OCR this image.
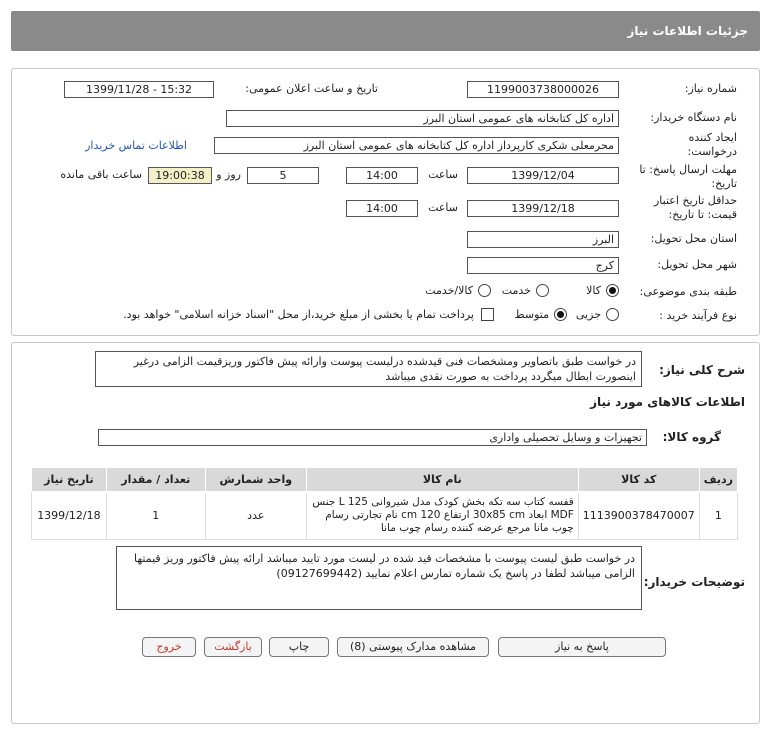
جزئیات اطلاعات نیاز
شماره نیاز:
1199003738000026
تاریخ و ساعت اعلان عمومی:
1399/11/28 - 15:32
نام دستگاه خریدار:
اداره کل کتابخانه های عمومی استان البرز
ایجاد کننده درخواست:
محرمعلی شکری کارپرداز اداره کل کتابخانه های عمومی استان البرز
اطلاعات تماس خریدار
مهلت ارسال پاسخ: تا تاریخ:
1399/12/04
ساعت
14:00
5
روز و
19:00:38
ساعت باقی مانده
حداقل تاریخ اعتبار قیمت: تا تاریخ:
1399/12/18
ساعت
14:00
استان محل تحویل:
البرز
شهر محل تحویل:
کرج
طبقه بندی موضوعی:
کالا
خدمت
کالا/خدمت
نوع فرآیند خرید :
جزیی
متوسط
پرداخت تمام یا بخشی از مبلغ خرید،از محل "اسناد خزانه اسلامی" خواهد بود.
شرح کلی نیاز:
در خواست طبق باتصاویر ومشخصات فنی قیدشده درلیست پیوست وارائه پیش فاکتور وریزقیمت الزامی درغیر اینصورت ابطال میگردد پرداخت به صورت نقدی میباشد
اطلاعات کالاهای مورد نیاز
گروه کالا:
تجهیزات و وسایل تحصیلی واداری
ردیف	کد کالا	نام کالا	واحد شمارش	تعداد / مقدار	تاریخ نیاز
1	1113900378470007	قفسه کتاب سه تکه بخش کودک مدل شیروانی 125 L جنس MDF ابعاد 30x85 cm ارتفاع 120 cm نام تجارتی رسام چوب مانا مرجع عرضه کننده رسام چوب مانا	عدد	1	1399/12/18
توضیحات خریدار:
در خواست طبق لیست پیوست با مشخصات قید شده در لیست مورد تایید میباشد ارائه پیش فاکتور وریز قیمتها الزامی میباشد لطفا در پاسخ یک شماره تمارس اعلام نمایید (09127699442)
پاسخ به نیاز
مشاهده مدارک پیوستی (8)
چاپ
بازگشت
خروج
